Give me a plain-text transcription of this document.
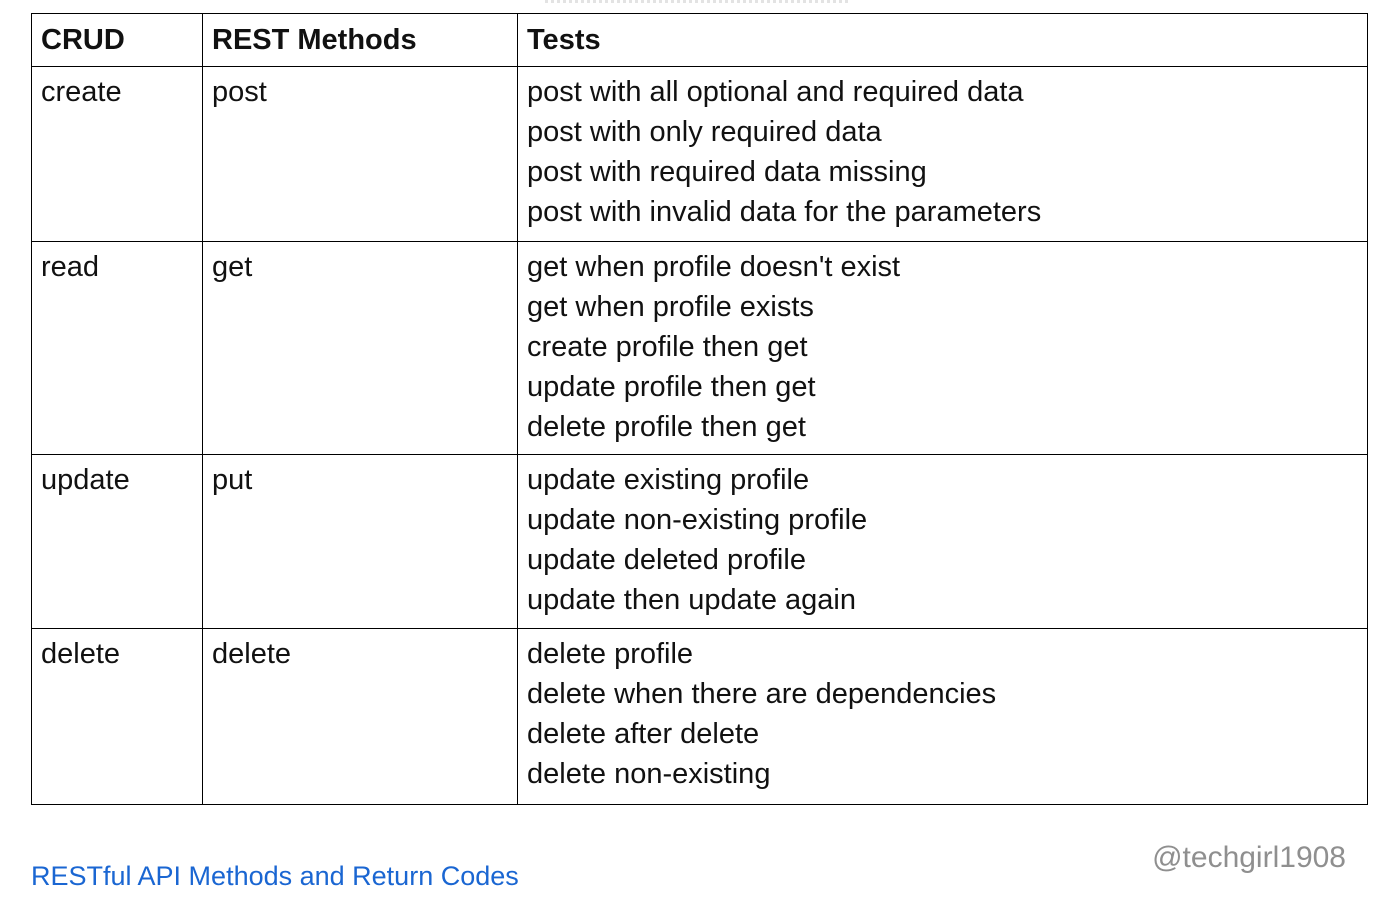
CRUD	REST Methods	Tests
create	post	post with all optional and required data
post with only required data
post with required data missing
post with invalid data for the parameters

read	get	get when profile doesn't exist
get when profile exists
create profile then get
update profile then get
delete profile then get

update	put	update existing profile
update non-existing profile
update deleted profile
update then update again

delete	delete	delete profile
delete when there are dependencies
delete after delete
delete non-existing
RESTful API Methods and Return Codes
@techgirl1908
